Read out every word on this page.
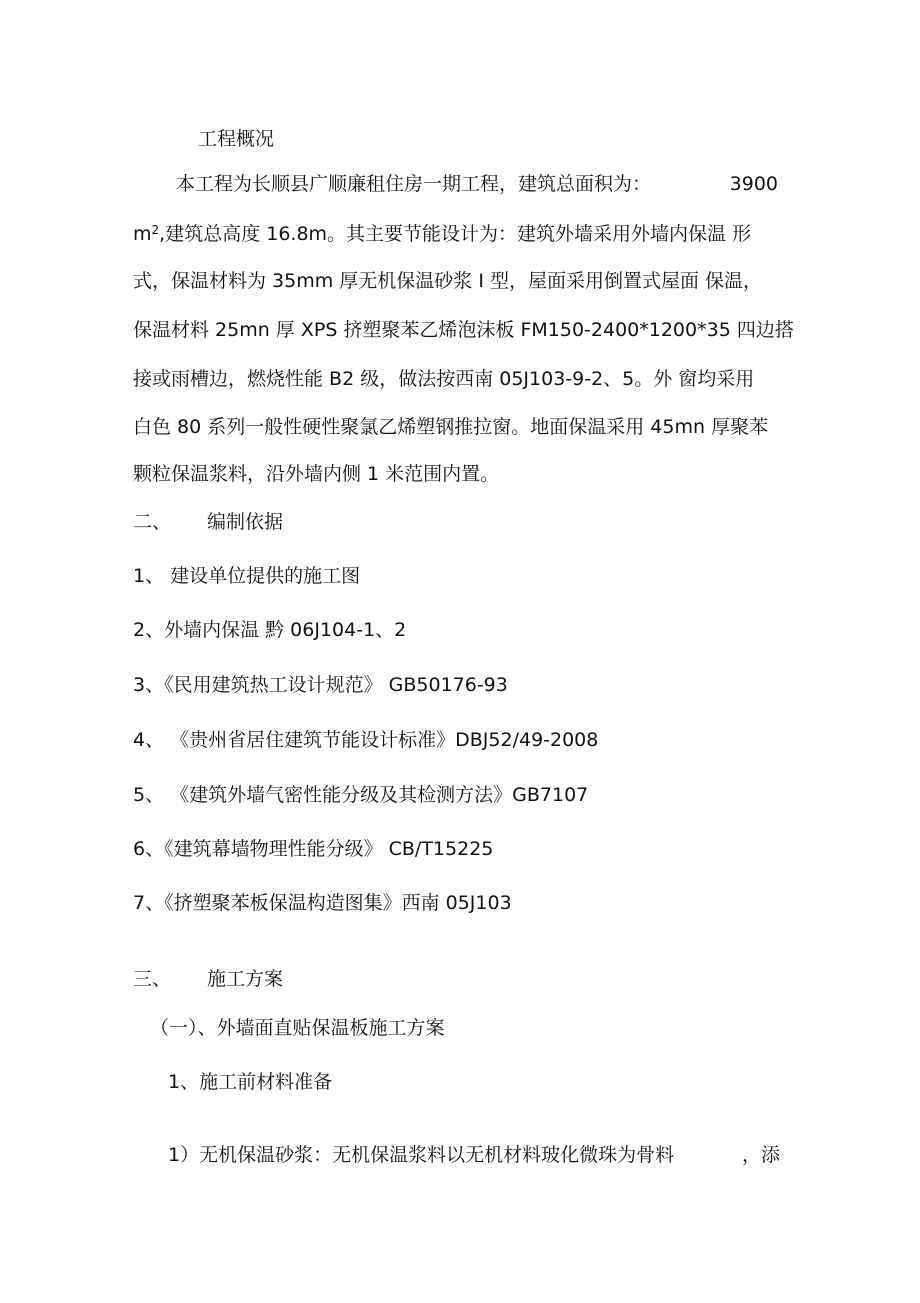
工程概况
本工程为长顺县广顺廉租住房一期工程，建筑总面积为：	3900
$m^2$,建筑总高度 16.8m。其主要节能设计为：建筑外墙采用外墙内保温 形
式，保温材料为 35mm 厚无机保温砂浆 I 型，屋面采用倒置式屋面 保温，
保温材料 25mn 厚 XPS 挤塑聚苯乙烯泡沫板 FM150-2400*1200*35 四边搭
接或雨槽边，燃烧性能 B2 级，做法按西南 05J103-9-2、5。外 窗均采用
白色 80 系列一般性硬性聚氯乙烯塑钢推拉窗。地面保温采用 45mn 厚聚苯
颗粒保温浆料，沿外墙内侧 1 米范围内置。
二、 编制依据
1、 建设单位提供的施工图
2、外墙内保温 黔 06J104-1、2
3、《民用建筑热工设计规范》 GB50176-93
4、 《贵州省居住建筑节能设计标准》DBJ52/49-2008
5、 《建筑外墙气密性能分级及其检测方法》GB7107
6、《建筑幕墙物理性能分级》 CB/T15225
7、《挤塑聚苯板保温构造图集》西南 05J103
三、 施工方案
（一）、外墙面直贴保温板施工方案
1、施工前材料准备
1）无机保温砂浆：无机保温浆料以无机材料玻化微珠为骨料	，添
